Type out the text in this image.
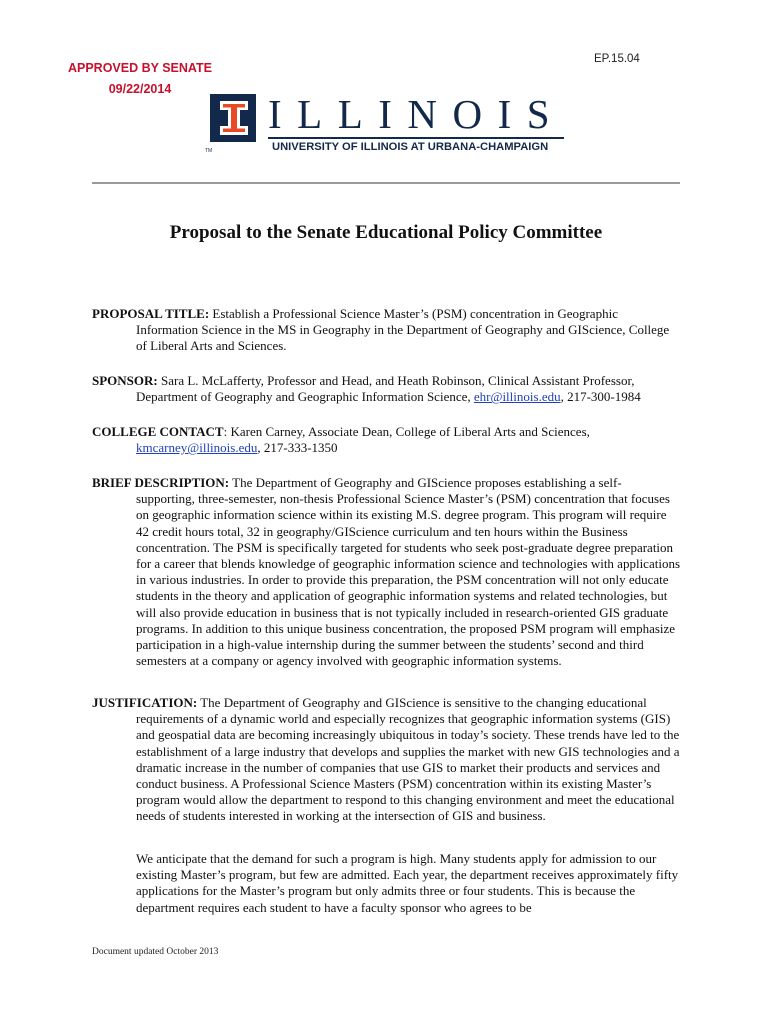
APPROVED BY SENATE
09/22/2014
EP.15.04
TM
ILLINOIS
UNIVERSITY OF ILLINOIS AT URBANA-CHAMPAIGN
Proposal to the Senate Educational Policy Committee
PROPOSAL TITLE: Establish a Professional Science Master’s (PSM) concentration in Geographic Information Science in the MS in Geography in the Department of Geography and GIScience, College of Liberal Arts and Sciences.
SPONSOR: Sara L. McLafferty, Professor and Head, and Heath Robinson, Clinical Assistant Professor, Department of Geography and Geographic Information Science, ehr@illinois.edu, 217-300-1984
COLLEGE CONTACT: Karen Carney, Associate Dean, College of Liberal Arts and Sciences, kmcarney@illinois.edu, 217-333-1350
BRIEF DESCRIPTION: The Department of Geography and GIScience proposes establishing a self-supporting, three-semester, non-thesis Professional Science Master’s (PSM) concentration that focuses on geographic information science within its existing M.S. degree program. This program will require 42 credit hours total, 32 in geography/GIScience curriculum and ten hours within the Business concentration. The PSM is specifically targeted for students who seek post-graduate degree preparation for a career that blends knowledge of geographic information science and technologies with applications in various industries. In order to provide this preparation, the PSM concentration will not only educate students in the theory and application of geographic information systems and related technologies, but will also provide education in business that is not typically included in research-oriented GIS graduate programs. In addition to this unique business concentration, the proposed PSM program will emphasize participation in a high-value internship during the summer between the students’ second and third semesters at a company or agency involved with geographic information systems.
JUSTIFICATION: The Department of Geography and GIScience is sensitive to the changing educational requirements of a dynamic world and especially recognizes that geographic information systems (GIS) and geospatial data are becoming increasingly ubiquitous in today’s society. These trends have led to the establishment of a large industry that develops and supplies the market with new GIS technologies and a dramatic increase in the number of companies that use GIS to market their products and services and conduct business. A Professional Science Masters (PSM) concentration within its existing Master’s program would allow the department to respond to this changing environment and meet the educational needs of students interested in working at the intersection of GIS and business.
We anticipate that the demand for such a program is high. Many students apply for admission to our existing Master’s program, but few are admitted. Each year, the department receives approximately fifty applications for the Master’s program but only admits three or four students. This is because the department requires each student to have a faculty sponsor who agrees to be
Document updated October 2013
